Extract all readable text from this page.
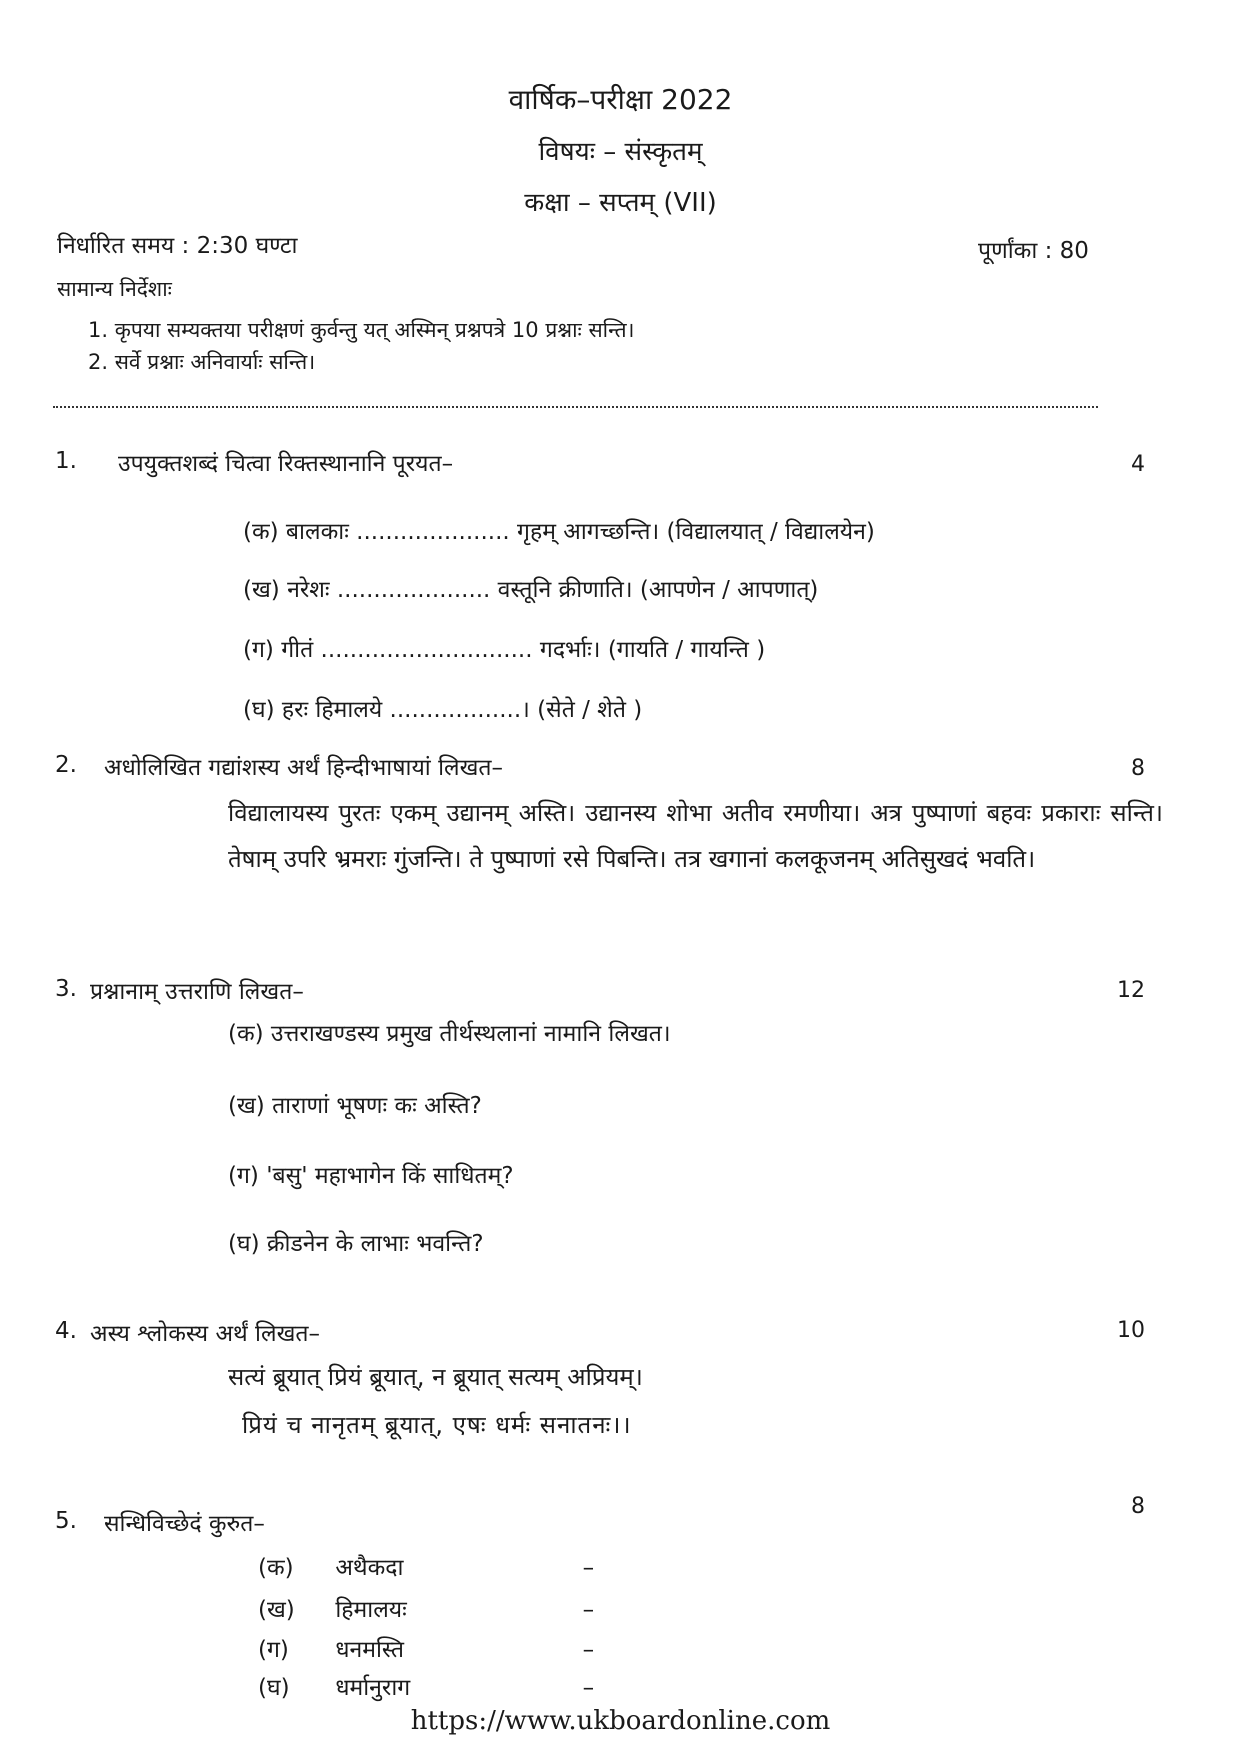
वार्षिक–परीक्षा 2022
विषयः – संस्कृतम्
कक्षा – सप्तम् (VII)
निर्धारित समय : 2:30 घण्टा	पूर्णांका : 80
सामान्य निर्देशाः
1. कृपया सम्यक्तया परीक्षणं कुर्वन्तु यत् अस्मिन् प्रश्नपत्रे 10 प्रश्नाः सन्ति।
2. सर्वे प्रश्नाः अनिवार्याः सन्ति।
1. उपयुक्तशब्दं चित्वा रिक्तस्थानानि पूरयत–	4
(क) बालकाः ..................... गृहम् आगच्छन्ति। (विद्यालयात् / विद्यालयेन)
(ख) नरेशः ..................... वस्तूनि क्रीणाति। (आपणेन / आपणात्)
(ग) गीतं ............................. गदर्भाः। (गायति / गायन्ति )
(घ) हरः हिमालये ..................। (सेते / शेते )
2. अधोलिखित गद्यांशस्य अर्थं हिन्दीभाषायां लिखत–	8
विद्यालायस्य पुरतः एकम् उद्यानम् अस्ति। उद्यानस्य शोभा अतीव रमणीया। अत्र पुष्पाणां बहवः प्रकाराः सन्ति। तेषाम् उपरि भ्रमराः गुंजन्ति। ते पुष्पाणां रसे पिबन्ति। तत्र खगानां कलकूजनम् अतिसुखदं भवति।
3. प्रश्नानाम् उत्तराणि लिखत–	12
(क) उत्तराखण्डस्य प्रमुख तीर्थस्थलानां नामानि लिखत।
(ख) ताराणां भूषणः कः अस्ति?
(ग) 'बसु' महाभागेन किं साधितम्?
(घ) क्रीडनेन के लाभाः भवन्ति?
4. अस्य श्लोकस्य अर्थं लिखत–	10
सत्यं ब्रूयात् प्रियं ब्रूयात्, न ब्रूयात् सत्यम् अप्रियम्।
प्रियं च नानृतम् ब्रूयात्, एषः धर्मः सनातनः।।
5. सन्धिविच्छेदं कुरुत–
8
(क) अथैकदा	–
(ख) हिमालयः	–
(ग) धनमस्ति	–
(घ) धर्मानुराग	–
https://www.ukboardonline.com
